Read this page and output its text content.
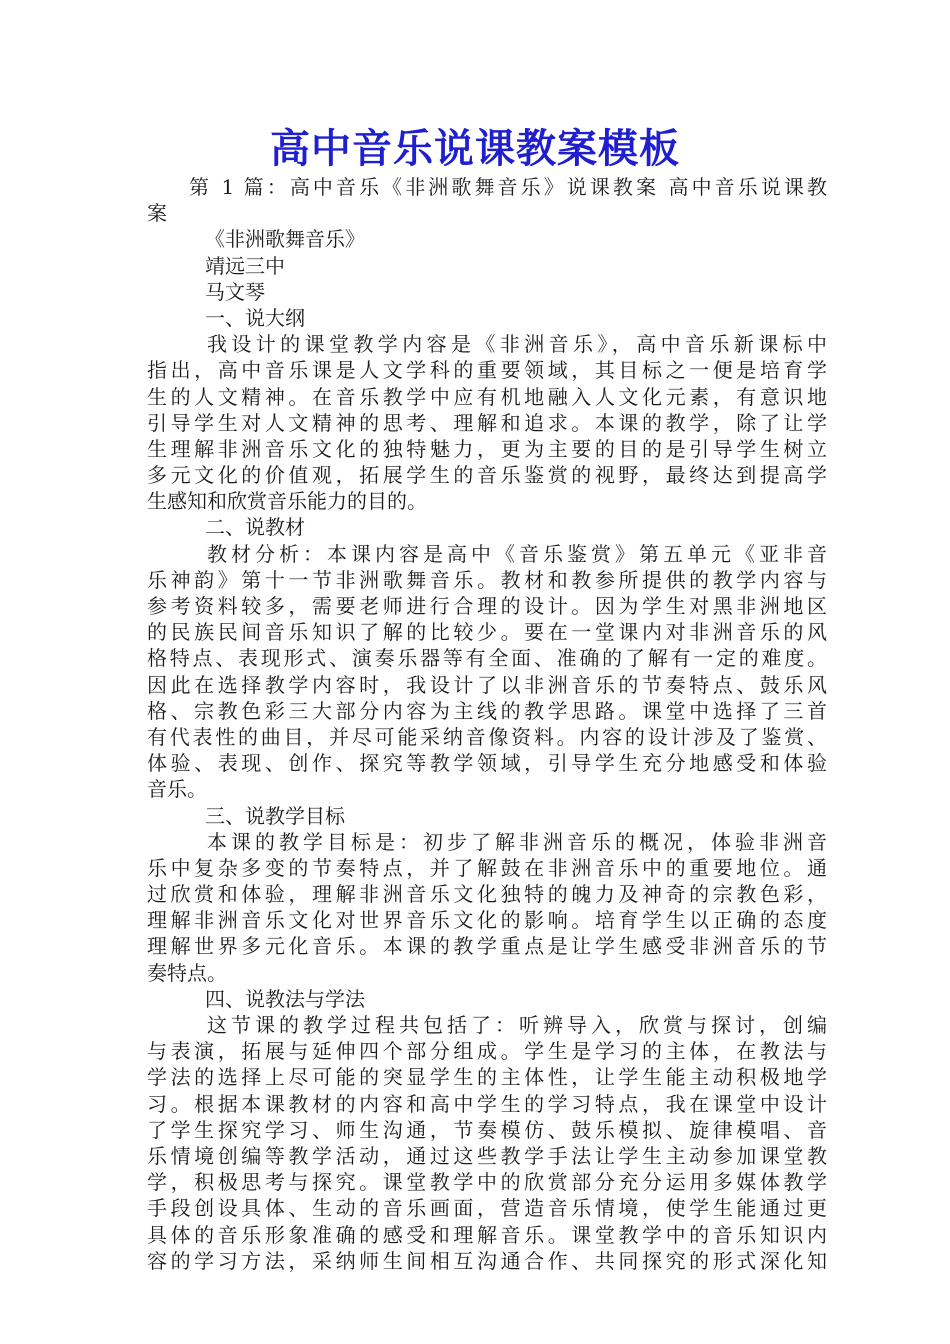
高中音乐说课教案模板
第 1 篇：高中音乐《非洲歌舞音乐》说课教案 高中音乐说课教
案
《非洲歌舞音乐》
靖远三中
马文琴
一、说大纲
我设计的课堂教学内容是《非洲音乐》，高中音乐新课标中
指出，高中音乐课是人文学科的重要领域，其目标之一便是培育学
生的人文精神。在音乐教学中应有机地融入人文化元素，有意识地
引导学生对人文精神的思考、理解和追求。本课的教学，除了让学
生理解非洲音乐文化的独特魅力，更为主要的目的是引导学生树立
多元文化的价值观，拓展学生的音乐鉴赏的视野，最终达到提高学
生感知和欣赏音乐能力的目的。
二、说教材
教材分析：本课内容是高中《音乐鉴赏》第五单元《亚非音
乐神韵》第十一节非洲歌舞音乐。教材和教参所提供的教学内容与
参考资料较多，需要老师进行合理的设计。因为学生对黑非洲地区
的民族民间音乐知识了解的比较少。要在一堂课内对非洲音乐的风
格特点、表现形式、演奏乐器等有全面、准确的了解有一定的难度。
因此在选择教学内容时，我设计了以非洲音乐的节奏特点、鼓乐风
格、宗教色彩三大部分内容为主线的教学思路。课堂中选择了三首
有代表性的曲目，并尽可能采纳音像资料。内容的设计涉及了鉴赏、
体验、表现、创作、探究等教学领域，引导学生充分地感受和体验
音乐。
三、说教学目标
本课的教学目标是：初步了解非洲音乐的概况，体验非洲音
乐中复杂多变的节奏特点，并了解鼓在非洲音乐中的重要地位。通
过欣赏和体验，理解非洲音乐文化独特的魄力及神奇的宗教色彩，
理解非洲音乐文化对世界音乐文化的影响。培育学生以正确的态度
理解世界多元化音乐。本课的教学重点是让学生感受非洲音乐的节
奏特点。
四、说教法与学法
这节课的教学过程共包括了：听辨导入，欣赏与探讨，创编
与表演，拓展与延伸四个部分组成。学生是学习的主体，在教法与
学法的选择上尽可能的突显学生的主体性，让学生能主动积极地学
习。根据本课教材的内容和高中学生的学习特点，我在课堂中设计
了学生探究学习、师生沟通，节奏模仿、鼓乐模拟、旋律模唱、音
乐情境创编等教学活动，通过这些教学手法让学生主动参加课堂教
学，积极思考与探究。课堂教学中的欣赏部分充分运用多媒体教学
手段创设具体、生动的音乐画面，营造音乐情境，使学生能通过更
具体的音乐形象准确的感受和理解音乐。课堂教学中的音乐知识内
容的学习方法，采纳师生间相互沟通合作、共同探究的形式深化知
